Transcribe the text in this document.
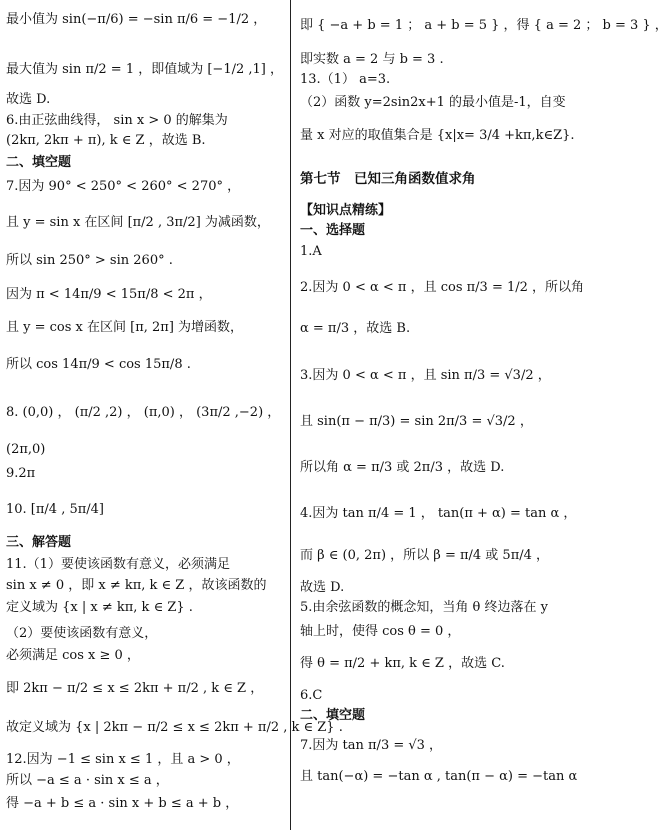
最小值为 sin(−π/6) = −sin π/6 = −1/2 ，
最大值为 sin π/2 = 1 ，即值域为 [−1/2 ,1] ，
故选 D.
6.由正弦曲线得， sin x > 0 的解集为
(2kπ, 2kπ + π), k ∈ Z ，故选 B.
二、填空题
7.因为 90° < 250° < 260° < 270° ，
且 y = sin x 在区间 [π/2 , 3π/2] 为减函数，
所以 sin 250° > sin 260° .
因为 π < 14π/9 < 15π/8 < 2π ，
且 y = cos x 在区间 [π, 2π] 为增函数，
所以 cos 14π/9 < cos 15π/8 .
8. (0,0) ， (π/2 ,2) ， (π,0) ， (3π/2 ,−2) ，
(2π,0)
9.2π
10. [π/4 , 5π/4]
三、解答题
11.（1）要使该函数有意义，必须满足
sin x ≠ 0 ，即 x ≠ kπ, k ∈ Z ，故该函数的
定义域为 {x | x ≠ kπ, k ∈ Z} .
（2）要使该函数有意义，
必须满足 cos x ≥ 0 ，
即 2kπ − π/2 ≤ x ≤ 2kπ + π/2 , k ∈ Z ，
故定义域为 {x | 2kπ − π/2 ≤ x ≤ 2kπ + π/2 , k ∈ Z} .
12.因为 −1 ≤ sin x ≤ 1 ，且 a > 0 ，
所以 −a ≤ a · sin x ≤ a ，
得 −a + b ≤ a · sin x + b ≤ a + b ，
即 { −a + b = 1 ； a + b = 5 } ，得 { a = 2 ； b = 3 } ，
即实数 a = 2 与 b = 3 .
13.（1） a=3.
（2）函数 y=2sin2x+1 的最小值是-1，自变
量 x 对应的取值集合是 {x|x= 3/4 +kπ,k∈Z}.
第七节　已知三角函数值求角
【知识点精练】
一、选择题
1.A
2.因为 0 < α < π ，且 cos π/3 = 1/2 ，所以角
α = π/3 ，故选 B.
3.因为 0 < α < π ，且 sin π/3 = √3/2 ，
且 sin(π − π/3) = sin 2π/3 = √3/2 ，
所以角 α = π/3 或 2π/3 ，故选 D.
4.因为 tan π/4 = 1 ， tan(π + α) = tan α ，
而 β ∈ (0, 2π) ，所以 β = π/4 或 5π/4 ，
故选 D.
5.由余弦函数的概念知，当角 θ 终边落在 y
轴上时，使得 cos θ = 0 ，
得 θ = π/2 + kπ, k ∈ Z ，故选 C.
6.C
二、填空题
7.因为 tan π/3 = √3 ，
且 tan(−α) = −tan α , tan(π − α) = −tan α
